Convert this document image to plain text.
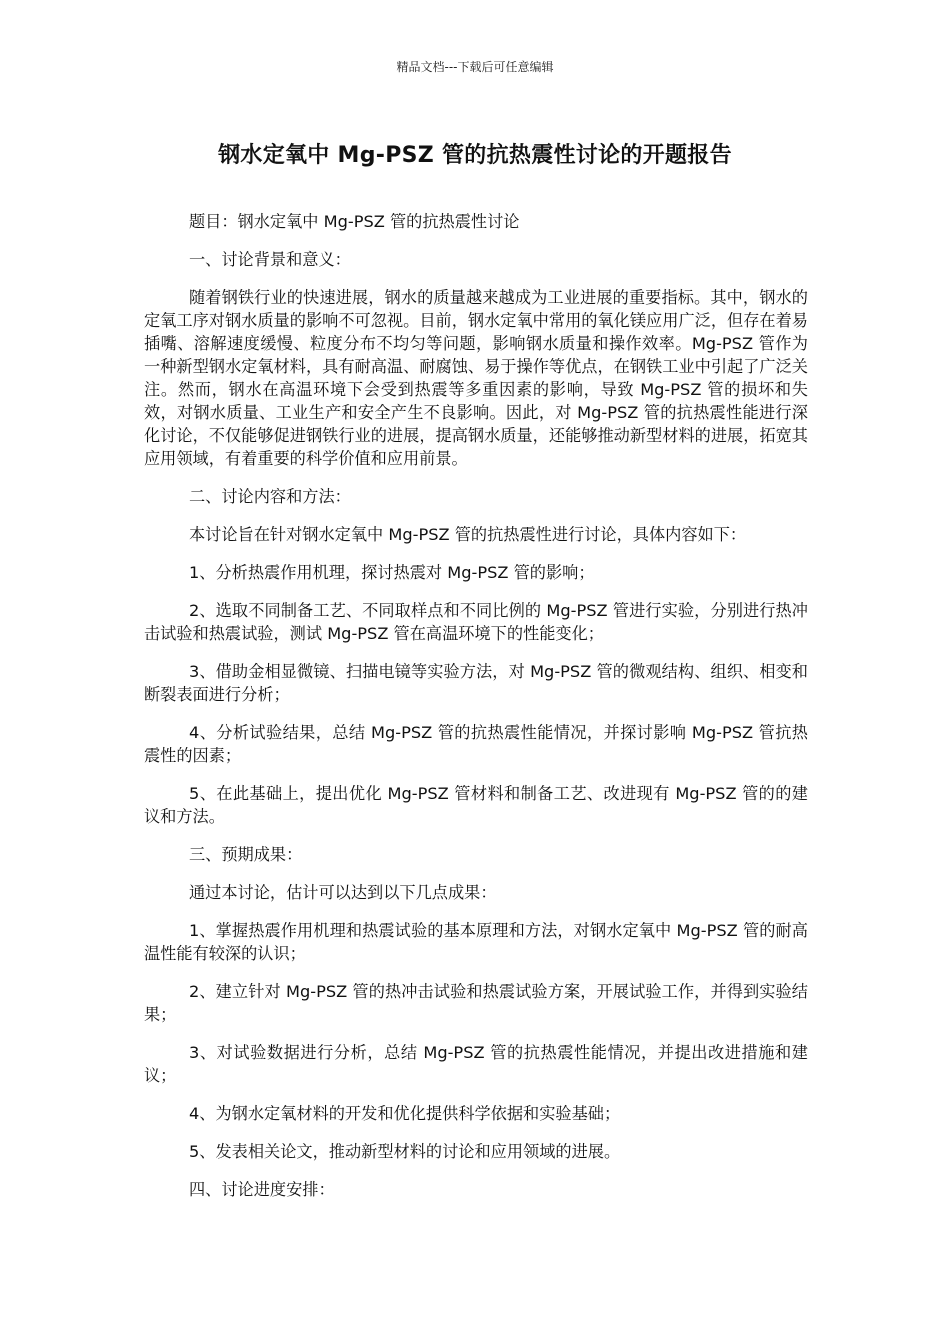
精品文档---下载后可任意编辑
钢水定氧中 Mg-PSZ 管的抗热震性讨论的开题报告

题目：钢水定氧中 Mg-PSZ 管的抗热震性讨论

一、讨论背景和意义：

随着钢铁行业的快速进展，钢水的质量越来越成为工业进展的重要指标。其中，钢水的定氧工序对钢水质量的影响不可忽视。目前，钢水定氧中常用的氧化镁应用广泛，但存在着易插嘴、溶解速度缓慢、粒度分布不均匀等问题，影响钢水质量和操作效率。Mg-PSZ 管作为一种新型钢水定氧材料，具有耐高温、耐腐蚀、易于操作等优点，在钢铁工业中引起了广泛关注。然而，钢水在高温环境下会受到热震等多重因素的影响，导致 Mg-PSZ 管的损坏和失效，对钢水质量、工业生产和安全产生不良影响。因此，对 Mg-PSZ 管的抗热震性能进行深化讨论，不仅能够促进钢铁行业的进展，提高钢水质量，还能够推动新型材料的进展，拓宽其应用领域，有着重要的科学价值和应用前景。

二、讨论内容和方法：

本讨论旨在针对钢水定氧中 Mg-PSZ 管的抗热震性进行讨论，具体内容如下：

1、分析热震作用机理，探讨热震对 Mg-PSZ 管的影响；

2、选取不同制备工艺、不同取样点和不同比例的 Mg-PSZ 管进行实验，分别进行热冲击试验和热震试验，测试 Mg-PSZ 管在高温环境下的性能变化；

3、借助金相显微镜、扫描电镜等实验方法，对 Mg-PSZ 管的微观结构、组织、相变和断裂表面进行分析；

4、分析试验结果，总结 Mg-PSZ 管的抗热震性能情况，并探讨影响 Mg-PSZ 管抗热震性的因素；

5、在此基础上，提出优化 Mg-PSZ 管材料和制备工艺、改进现有 Mg-PSZ 管的的建议和方法。

三、预期成果：

通过本讨论，估计可以达到以下几点成果：

1、掌握热震作用机理和热震试验的基本原理和方法，对钢水定氧中 Mg-PSZ 管的耐高温性能有较深的认识；

2、建立针对 Mg-PSZ 管的热冲击试验和热震试验方案，开展试验工作，并得到实验结果；

3、对试验数据进行分析，总结 Mg-PSZ 管的抗热震性能情况，并提出改进措施和建议；

4、为钢水定氧材料的开发和优化提供科学依据和实验基础；

5、发表相关论文，推动新型材料的讨论和应用领域的进展。

四、讨论进度安排：
